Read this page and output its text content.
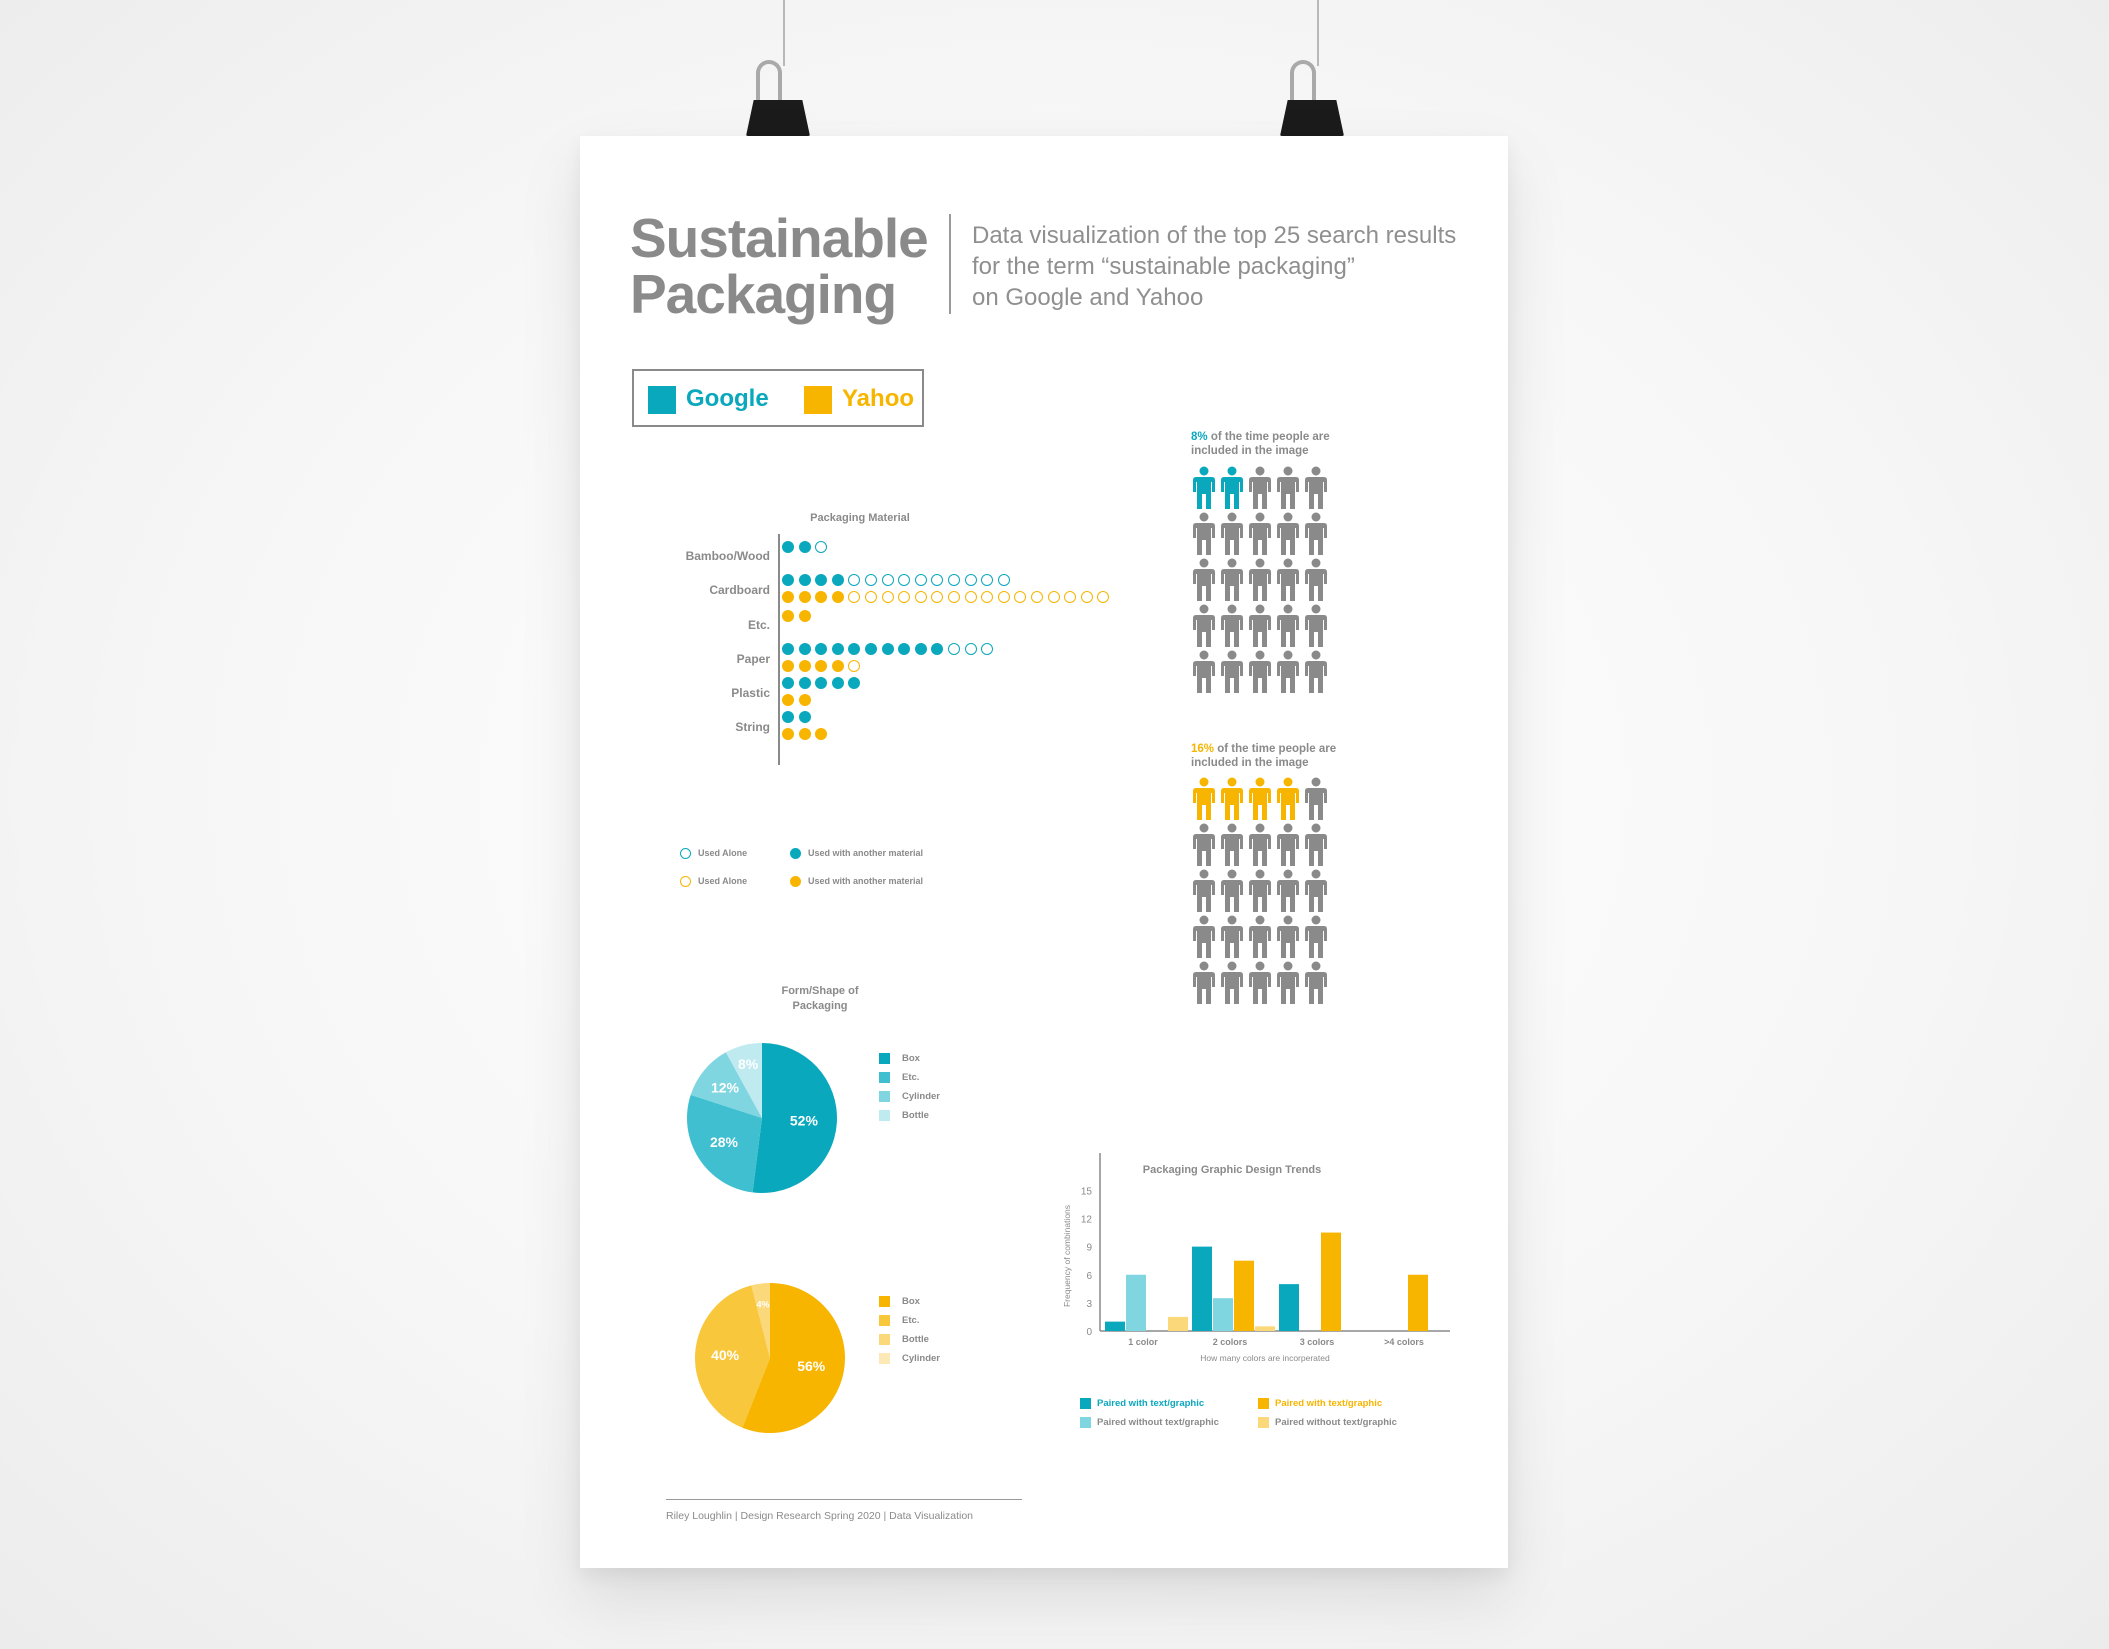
Sustainable
Packaging
Data visualization of the top 25 search results
for the term “sustainable packaging”
on Google and Yahoo
Google	Yahoo
Packaging Material
Used Alone	Used with another material
Used Alone	Used with another material
8% of the time people are
included in the image
16% of the time people are
included in the image
Form/Shape of
Packaging
52%
28%
12%
8%	Box
Etc.
Cylinder
Bottle
56%
40%
4%	Box
Etc.
Bottle
Cylinder
Packaging Graphic Design Trends
0
3
6
9
12
15
Frequency of combinations
1 color	2 colors	3 colors	>4 colors
How many colors are incorperated
Paired with text/graphic
Paired without text/graphic
Paired with text/graphic
Paired without text/graphic
Riley Loughlin | Design Research Spring 2020 | Data Visualization
Bamboo/Wood
Cardboard
Etc.
Paper
Plastic
String
